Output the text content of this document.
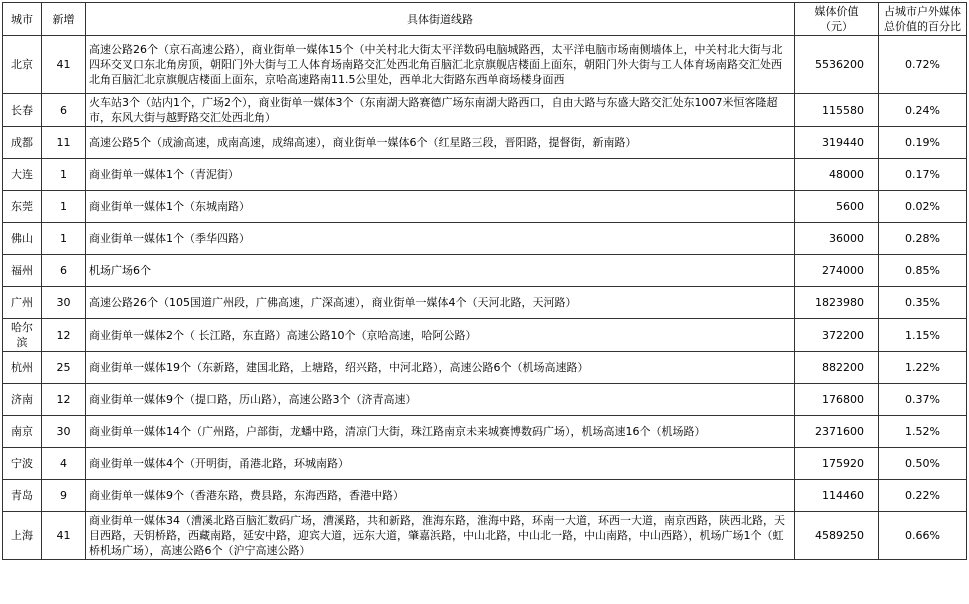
城市	新增	具体街道线路	媒体价值
（元）	占城市户外媒体总价值的百分比
北京	41	高速公路26个（京石高速公路），商业街单一媒体15个（中关村北大街太平洋数码电脑城路西，太平洋电脑市场南侧墙体上，中关村北大街与北四环交叉口东北角房顶，朝阳门外大街与工人体育场南路交汇处西北角百脑汇北京旗舰店楼面上面东，朝阳门外大街与工人体育场南路交汇处西北角百脑汇北京旗舰店楼面上面东，京哈高速路南11.5公里处，西单北大街路东西单商场楼身面西	5536200	0.72%
长春	6	火车站3个（站内1个，广场2个），商业街单一媒体3个（东南湖大路赛德广场东南湖大路西口，自由大路与东盛大路交汇处东1007米恒客隆超市，东风大街与越野路交汇处西北角）	115580	0.24%
成都	11	高速公路5个（成渝高速，成南高速，成绵高速），商业街单一媒体6个（红星路三段，晋阳路，提督街，新南路）	319440	0.19%
大连	1	商业街单一媒体1个（青泥街）	48000	0.17%
东莞	1	商业街单一媒体1个（东城南路）	5600	0.02%
佛山	1	商业街单一媒体1个（季华四路）	36000	0.28%
福州	6	机场广场6个	274000	0.85%
广州	30	高速公路26个（105国道广州段，广佛高速，广深高速），商业街单一媒体4个（天河北路，天河路）	1823980	0.35%
哈尔滨	12	商业街单一媒体2个（ 长江路，东直路）高速公路10个（京哈高速，哈阿公路）	372200	1.15%
杭州	25	商业街单一媒体19个（东新路，建国北路，上塘路，绍兴路，中河北路），高速公路6个（机场高速路）	882200	1.22%
济南	12	商业街单一媒体9个（提口路，历山路），高速公路3个（济青高速）	176800	0.37%
南京	30	商业街单一媒体14个（广州路，户部街，龙蟠中路，清凉门大街，珠江路南京未来城赛博数码广场），机场高速16个（机场路）	2371600	1.52%
宁波	4	商业街单一媒体4个（开明街，甬港北路，环城南路）	175920	0.50%
青岛	9	商业街单一媒体9个（香港东路，费县路，东海西路，香港中路）	114460	0.22%
上海	41	商业街单一媒体34（漕溪北路百脑汇数码广场，漕溪路，共和新路，淮海东路，淮海中路，环南一大道，环西一大道，南京西路，陕西北路，天目西路，天钥桥路，西藏南路，延安中路，迎宾大道，远东大道，肇嘉浜路，中山北路，中山北一路，中山南路，中山西路），机场广场1个（虹桥机场广场），高速公路6个（沪宁高速公路）	4589250	0.66%
